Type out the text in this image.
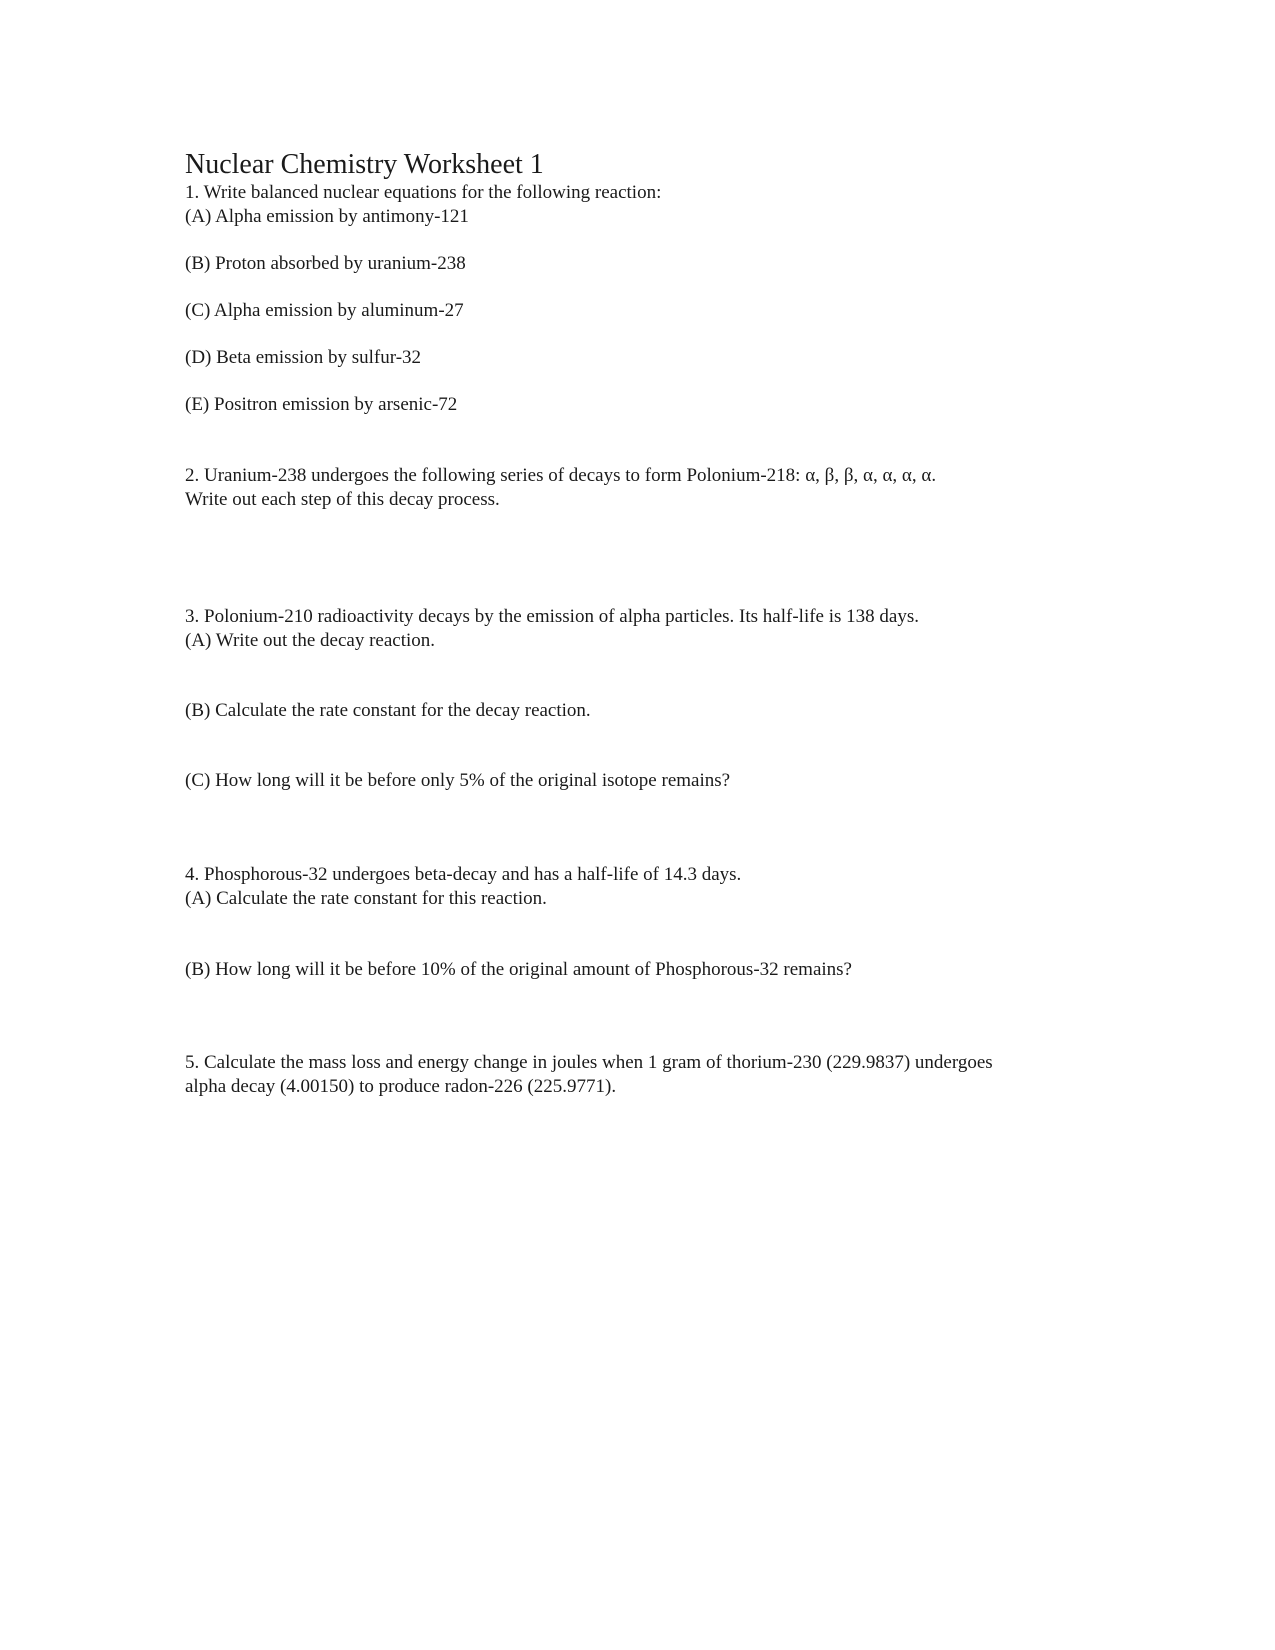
Nuclear Chemistry Worksheet 1
1. Write balanced nuclear equations for the following reaction:
(A) Alpha emission by antimony-121
(B) Proton absorbed by uranium-238
(C) Alpha emission by aluminum-27
(D) Beta emission by sulfur-32
(E) Positron emission by arsenic-72
2. Uranium-238 undergoes the following series of decays to form Polonium-218: α, β, β, α, α, α, α.
Write out each step of this decay process.
3. Polonium-210 radioactivity decays by the emission of alpha particles. Its half-life is 138 days.
(A) Write out the decay reaction.
(B) Calculate the rate constant for the decay reaction.
(C) How long will it be before only 5% of the original isotope remains?
4. Phosphorous-32 undergoes beta-decay and has a half-life of 14.3 days.
(A) Calculate the rate constant for this reaction.
(B) How long will it be before 10% of the original amount of Phosphorous-32 remains?
5. Calculate the mass loss and energy change in joules when 1 gram of thorium-230 (229.9837) undergoes
alpha decay (4.00150) to produce radon-226 (225.9771).
